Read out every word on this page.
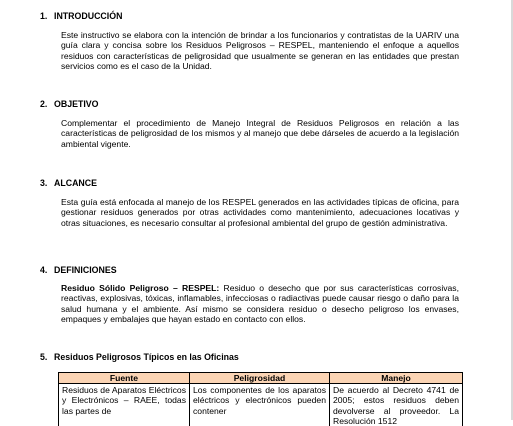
1. INTRODUCCIÓN
Este instructivo se elabora con la intención de brindar a los funcionarios y contratistas de la UARIV una guía clara y concisa sobre los Residuos Peligrosos – RESPEL, manteniendo el enfoque a aquellos residuos con características de peligrosidad que usualmente se generan en las entidades que prestan servicios como es el caso de la Unidad.
2. OBJETIVO
Complementar el procedimiento de Manejo Integral de Residuos Peligrosos en relación a las características de peligrosidad de los mismos y al manejo que debe dárseles de acuerdo a la legislación ambiental vigente.
3. ALCANCE
Esta guía está enfocada al manejo de los RESPEL generados en las actividades típicas de oficina, para gestionar residuos generados por otras actividades como mantenimiento, adecuaciones locativas y otras situaciones, es necesario consultar al profesional ambiental del grupo de gestión administrativa.
4. DEFINICIONES
Residuo Sólido Peligroso – RESPEL: Residuo o desecho que por sus características corrosivas, reactivas, explosivas, tóxicas, inflamables, infecciosas o radiactivas puede causar riesgo o daño para la salud humana y el ambiente. Así mismo se considera residuo o desecho peligroso los envases, empaques y embalajes que hayan estado en contacto con ellos.
5. Residuos Peligrosos Típicos en las Oficinas
Fuente	Peligrosidad	Manejo
Residuos de Aparatos Eléctricos y Electrónicos – RAEE, todas las partes de	Los componentes de los aparatos eléctricos y electrónicos pueden contener	De acuerdo al Decreto 4741 de 2005; estos residuos deben devolverse al proveedor. La Resolución 1512
